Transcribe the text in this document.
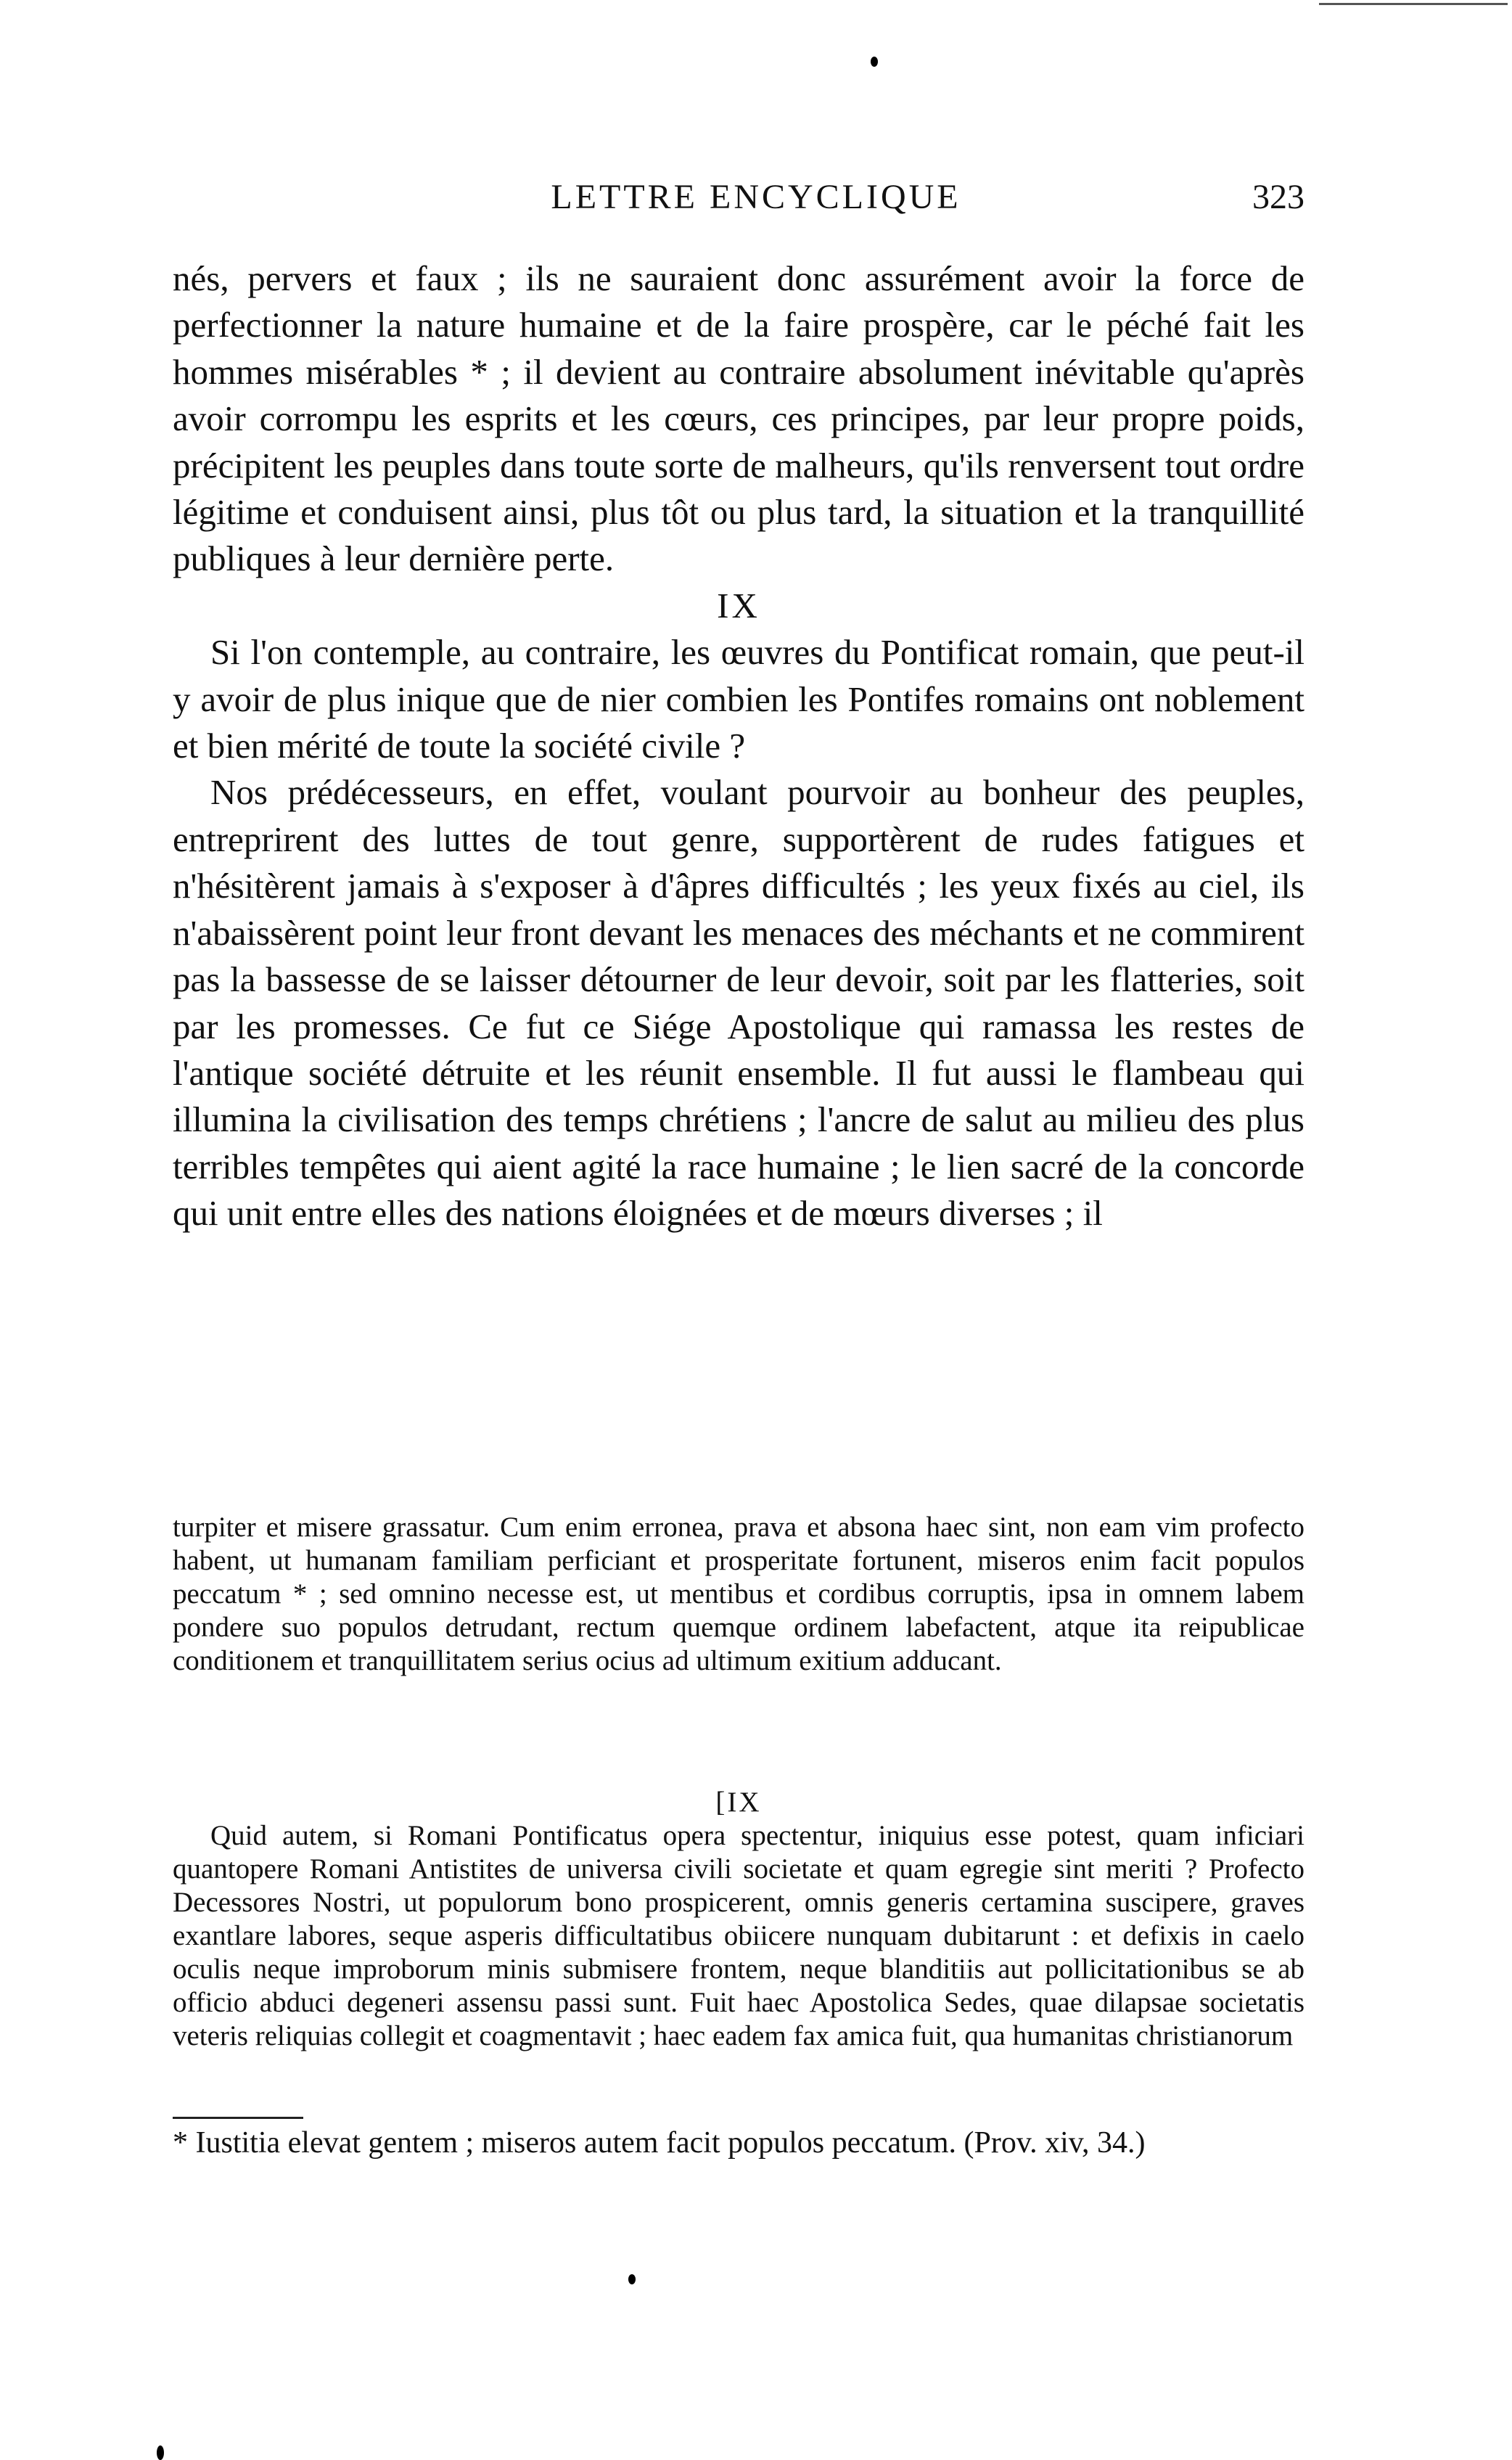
LETTRE ENCYCLIQUE	323

nés, pervers et faux ; ils ne sauraient donc assurément avoir la force de perfectionner la nature humaine et de la faire prospère, car le péché fait les hommes misérables * ; il devient au contraire absolument inévitable qu'après avoir corrompu les esprits et les cœurs, ces principes, par leur propre poids, précipitent les peuples dans toute sorte de malheurs, qu'ils renversent tout ordre légitime et conduisent ainsi, plus tôt ou plus tard, la situation et la tranquillité publiques à leur dernière perte.

IX

Si l'on contemple, au contraire, les œuvres du Pontificat romain, que peut-il y avoir de plus inique que de nier combien les Pontifes romains ont noblement et bien mérité de toute la société civile ?

Nos prédécesseurs, en effet, voulant pourvoir au bonheur des peuples, entreprirent des luttes de tout genre, supportèrent de rudes fatigues et n'hésitèrent jamais à s'exposer à d'âpres difficultés ; les yeux fixés au ciel, ils n'abaissèrent point leur front devant les menaces des méchants et ne commirent pas la bassesse de se laisser détourner de leur devoir, soit par les flatteries, soit par les promesses. Ce fut ce Siége Apostolique qui ramassa les restes de l'antique société détruite et les réunit ensemble. Il fut aussi le flambeau qui illumina la civilisation des temps chrétiens ; l'ancre de salut au milieu des plus terribles tempêtes qui aient agité la race humaine ; le lien sacré de la concorde qui unit entre elles des nations éloignées et de mœurs diverses ; il

turpiter et misere grassatur. Cum enim erronea, prava et absona haec sint, non eam vim profecto habent, ut humanam familiam perficiant et prosperitate fortunent, miseros enim facit populos peccatum * ; sed omnino necesse est, ut mentibus et cordibus corruptis, ipsa in omnem labem pondere suo populos detrudant, rectum quemque ordinem labefactent, atque ita reipublicae conditionem et tranquillitatem serius ocius ad ultimum exitium adducant.

[IX

Quid autem, si Romani Pontificatus opera spectentur, iniquius esse potest, quam inficiari quantopere Romani Antistites de universa civili societate et quam egregie sint meriti ? Profecto Decessores Nostri, ut populorum bono prospicerent, omnis generis certamina suscipere, graves exantlare labores, seque asperis difficultatibus obiicere nunquam dubitarunt : et defixis in caelo oculis neque improborum minis submisere frontem, neque blanditiis aut pollicitationibus se ab officio abduci degeneri assensu passi sunt. Fuit haec Apostolica Sedes, quae dilapsae societatis veteris reliquias collegit et coagmentavit ; haec eadem fax amica fuit, qua humanitas christianorum

* Iustitia elevat gentem ; miseros autem facit populos peccatum. (Prov. xiv, 34.)
